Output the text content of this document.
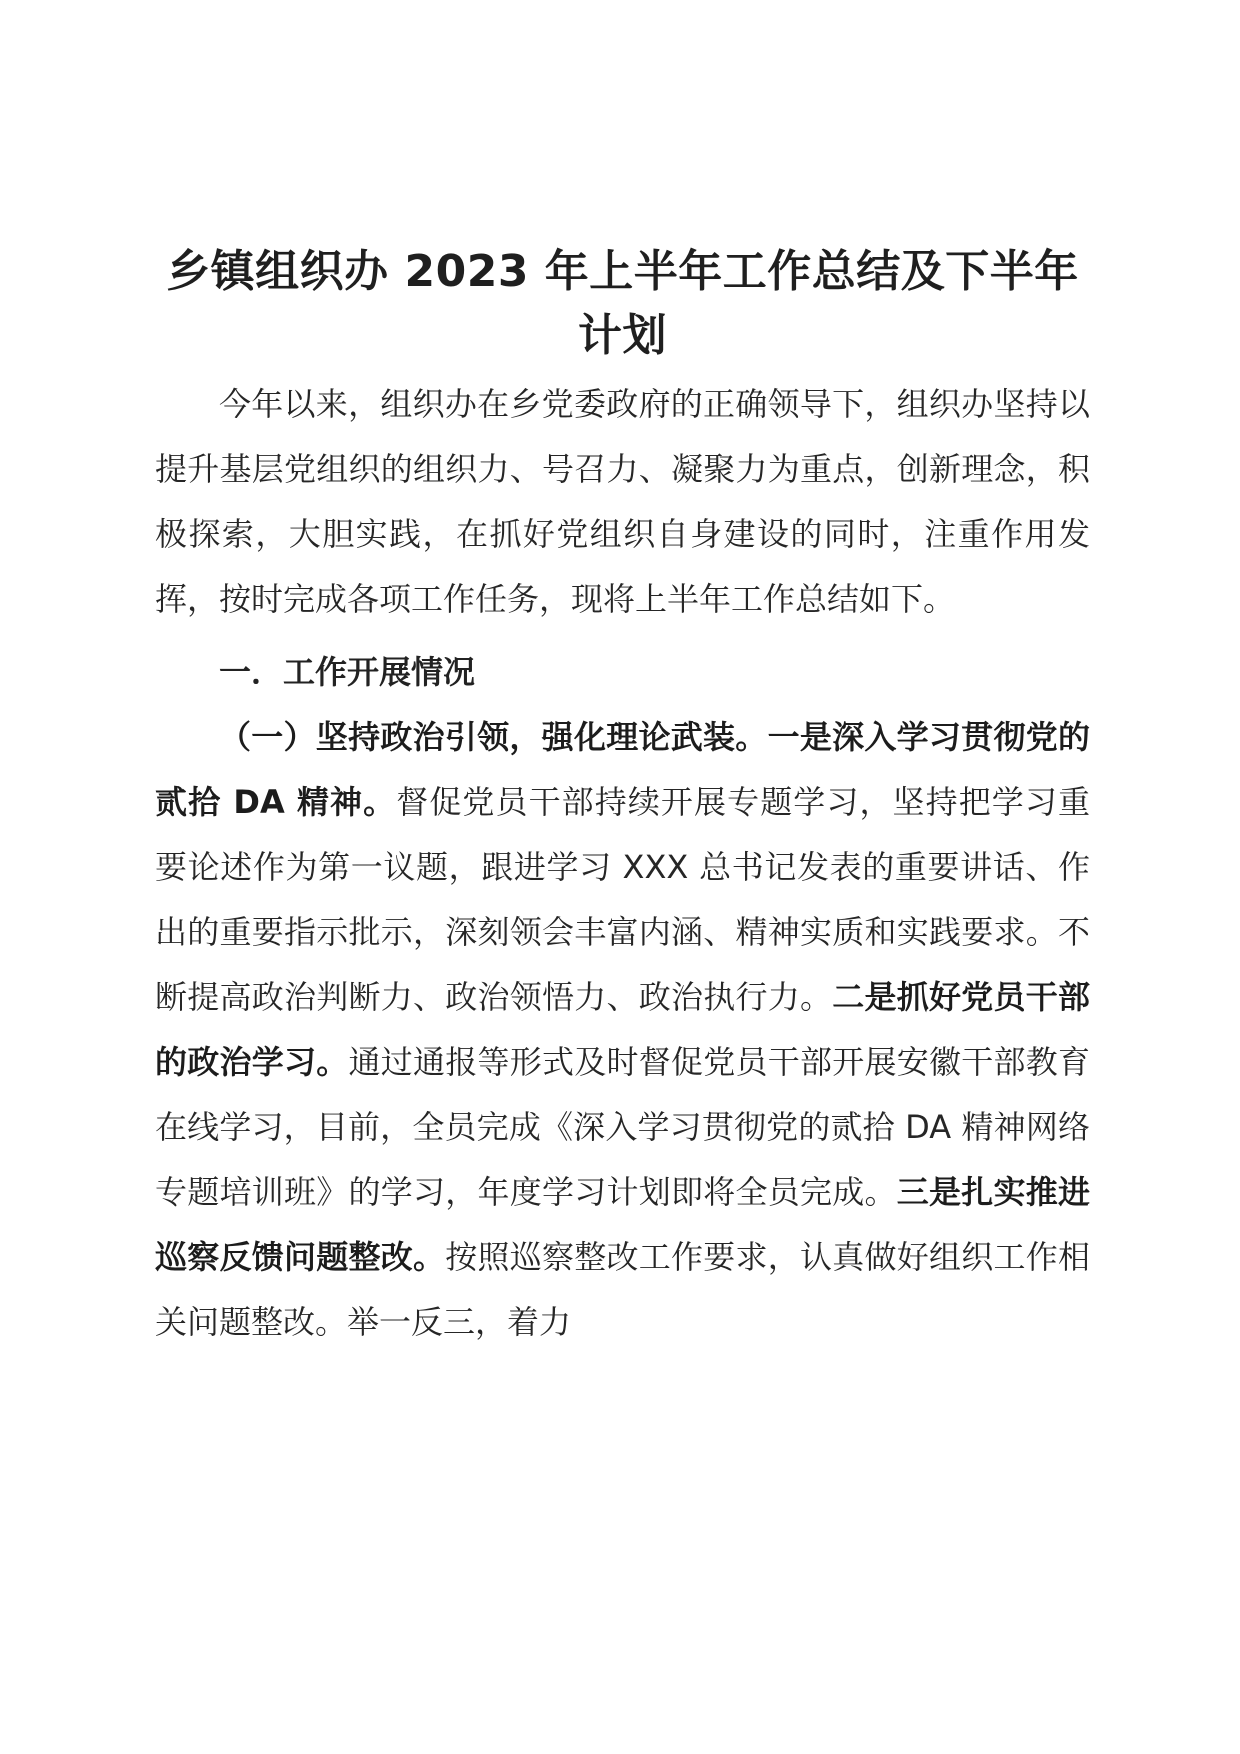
乡镇组织办 2023 年上半年工作总结及下半年计划

今年以来，组织办在乡党委政府的正确领导下，组织办坚持以提升基层党组织的组织力、号召力、凝聚力为重点，创新理念，积极探索，大胆实践，在抓好党组织自身建设的同时，注重作用发挥，按时完成各项工作任务，现将上半年工作总结如下。

一．工作开展情况

（一）坚持政治引领，强化理论武装。一是深入学习贯彻党的贰拾 DA 精神。督促党员干部持续开展专题学习，坚持把学习重要论述作为第一议题，跟进学习 XXX 总书记发表的重要讲话、作出的重要指示批示，深刻领会丰富内涵、精神实质和实践要求。不断提高政治判断力、政治领悟力、政治执行力。二是抓好党员干部的政治学习。通过通报等形式及时督促党员干部开展安徽干部教育在线学习，目前，全员完成《深入学习贯彻党的贰拾 DA 精神网络专题培训班》的学习，年度学习计划即将全员完成。三是扎实推进巡察反馈问题整改。按照巡察整改工作要求，认真做好组织工作相关问题整改。举一反三，着力
